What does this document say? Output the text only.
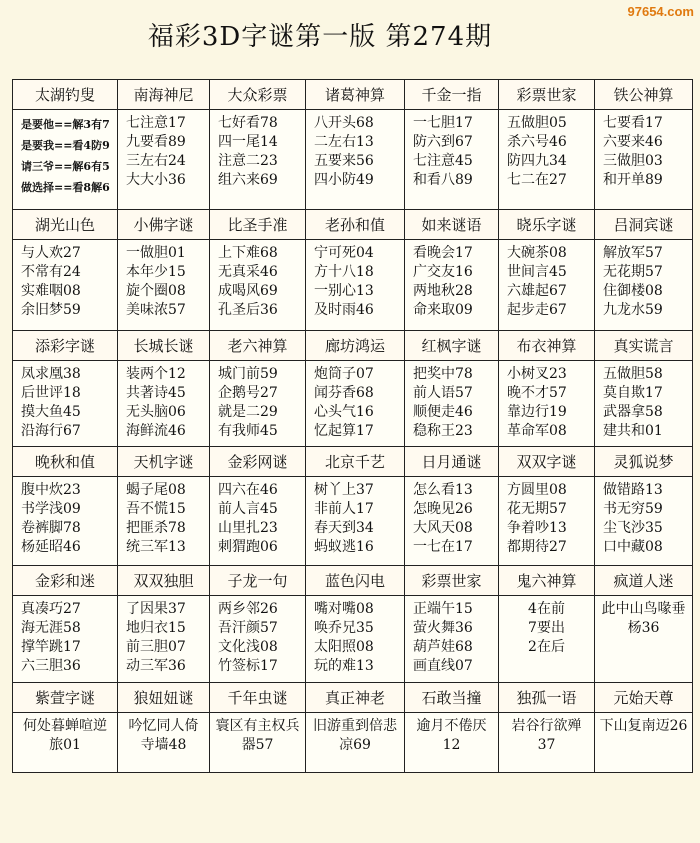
97654.com
福彩3D字谜第一版 第274期
太湖钓叟	南海神尼	大众彩票	诸葛神算	千金一指	彩票世家	铁公神算

是要他==解3有7
是要我==看4防9
请三爷==解6有5
做选择==看8解6	七注意17
九要看89
三左右24
大大小36	七好看78
四一尾14
注意二23
组六来69	八开头68
二左右13
五要来56
四小防49	一七胆17
防六到67
七注意45
和看八89	五做胆05
杀六号46
防四九34
七二在27	七要看17
六要来46
三做胆03
和开单89

湖光山色	小佛字谜	比圣手准	老孙和值	如来谜语	晓乐字谜	吕洞宾谜

与人欢27
不常有24
实难咽08
余旧梦59	一做胆01
本年少15
旋个圈08
美味浓57	上下难68
无真采46
成喝风69
孔圣后36	宁可死04
方十八18
一别心13
及时雨46	看晚会17
广交友16
两地秋28
命来取09	大碗茶08
世间言45
六雄起67
起步走67	解放军57
无花期57
住御楼08
九龙水59

添彩字谜	长城长谜	老六神算	廊坊鸿运	红枫字谜	布衣神算	真实谎言

凤求凰38
后世评18
摸大鱼45
沿海行67	装两个12
共著诗45
无头脑06
海鲜流46	城门前59
企鹅号27
就是二29
有我师45	炮筒子07
闻芬香68
心头气16
忆起算17	把奖中78
前人语57
顺便走46
稳称王23	小树叉23
晚不才57
靠边行19
革命军08	五做胆58
莫自欺17
武器拿58
建共和01

晚秋和值	天机字谜	金彩网谜	北京千艺	日月通谜	双双字谜	灵狐说梦

腹中炊23
书学浅09
卷裤脚78
杨延昭46	蝎子尾08
吾不慌15
把匪杀78
统三军13	四六在46
前人言45
山里扎23
刺猬跑06	树丫上37
非前人17
春天到34
蚂蚁逃16	怎么看13
怎晚见26
大风天08
一七在17	方圆里08
花无期57
争着吵13
都期待27	做错路13
书无穷59
尘飞沙35
口中藏08

金彩和迷	双双独胆	子龙一句	蓝色闪电	彩票世家	鬼六神算	疯道人迷

真凑巧27
海无涯58
撑竿跳17
六三胆36	了因果37
地归衣15
前三胆07
动三军36	两乡邻26
吾汗颜57
文化浅08
竹签标17	嘴对嘴08
唤乔兄35
太阳照08
玩的难13	正端午15
萤火舞36
葫芦娃68
画直线07	4在前
7要出
2在后	此中山鸟喙垂杨36

紫萱字谜	狼妞妞谜	千年虫谜	真正神老	石敢当撞	独孤一语	元始天尊

何处暮蝉喧逆旅01	吟忆同人倚寺墙48	寰区有主权兵器57	旧游重到倍悲凉69	逾月不倦厌12	岩谷行欲殚37	下山复南迈26
